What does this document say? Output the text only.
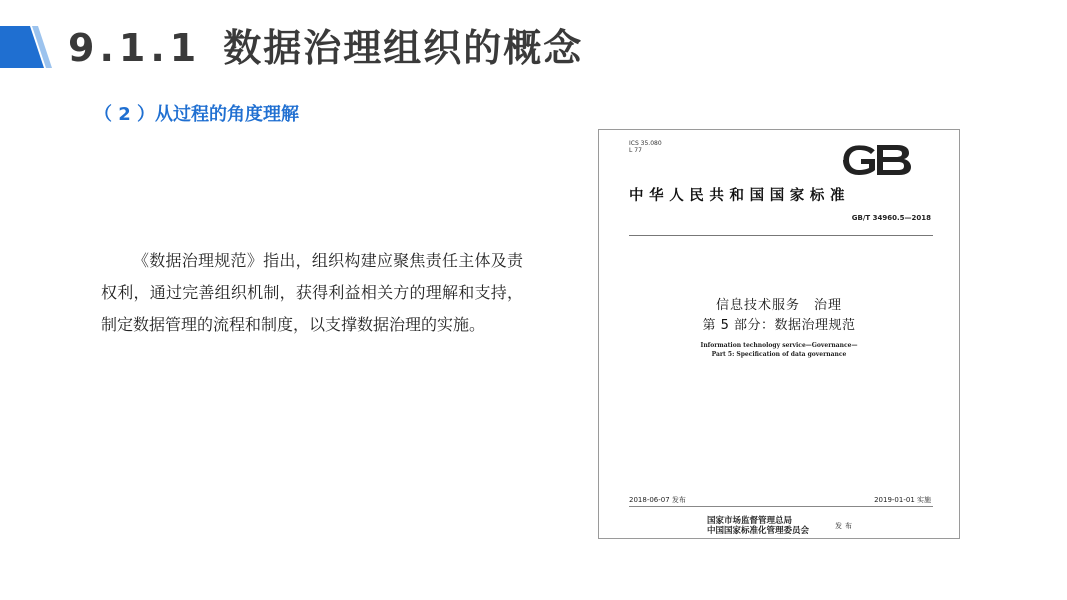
9.1.1 数据治理组织的概念
（ 2 ）从过程的角度理解
《数据治理规范》指出，组织构建应聚焦责任主体及责权利，通过完善组织机制，获得利益相关方的理解和支持，制定数据管理的流程和制度，以支撑数据治理的实施。
ICS 35.080
L 77
中华人民共和国国家标准
GB/T 34960.5—2018
信息技术服务　治理
第 5 部分：数据治理规范
Information technology service—Governance—
Part 5: Specification of data governance
2018-06-07 发布	2019-01-01 实施
国家市场监督管理总局
中国国家标准化管理委员会	发布
